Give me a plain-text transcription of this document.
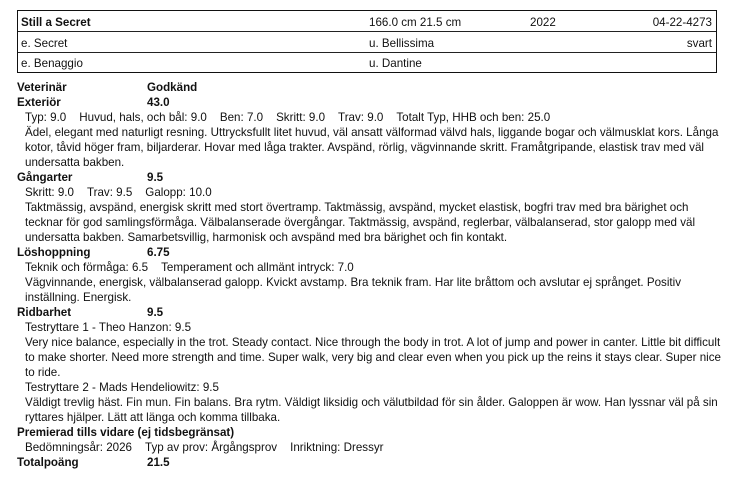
Still a Secret	166.0 cm 21.5 cm	2022	04-22-4273
e. Secret	u. Bellissima	svart
e. Benaggio	u. Dantine
Veterinär	Godkänd
Exteriör	43.0
Typ: 9.0 Huvud, hals, och bål: 9.0 Ben: 7.0 Skritt: 9.0 Trav: 9.0 Totalt Typ, HHB och ben: 25.0
Ädel, elegant med naturligt resning. Uttrycksfullt litet huvud, väl ansatt välformad välvd hals, liggande bogar och välmusklat kors. Långa kotor, tåvid höger fram, biljarderar. Hovar med låga trakter. Avspänd, rörlig, vägvinnande skritt. Framåtgripande, elastisk trav med väl undersatta bakben.
Gångarter	9.5
Skritt: 9.0 Trav: 9.5 Galopp: 10.0
Taktmässig, avspänd, energisk skritt med stort övertramp. Taktmässig, avspänd, mycket elastisk, bogfri trav med bra bärighet och tecknar för god samlingsförmåga. Välbalanserade övergångar. Taktmässig, avspänd, reglerbar, välbalanserad, stor galopp med väl undersatta bakben. Samarbetsvillig, harmonisk och avspänd med bra bärighet och fin kontakt.
Löshoppning	6.75
Teknik och förmåga: 6.5 Temperament och allmänt intryck: 7.0
Vägvinnande, energisk, välbalanserad galopp. Kvickt avstamp. Bra teknik fram. Har lite bråttom och avslutar ej språnget. Positiv inställning. Energisk.
Ridbarhet	9.5
Testryttare 1 - Theo Hanzon: 9.5
Very nice balance, especially in the trot. Steady contact. Nice through the body in trot. A lot of jump and power in canter. Little bit difficult to make shorter. Need more strength and time. Super walk, very big and clear even when you pick up the reins it stays clear. Super nice to ride.
Testryttare 2 - Mads Hendeliowitz: 9.5
Väldigt trevlig häst. Fin mun. Fin balans. Bra rytm. Väldigt liksidig och välutbildad för sin ålder. Galoppen är wow. Han lyssnar väl på sin ryttares hjälper. Lätt att länga och komma tillbaka.
Premierad tills vidare (ej tidsbegränsat)
Bedömningsår: 2026 Typ av prov: Årgångsprov Inriktning: Dressyr
Totalpoäng	21.5
